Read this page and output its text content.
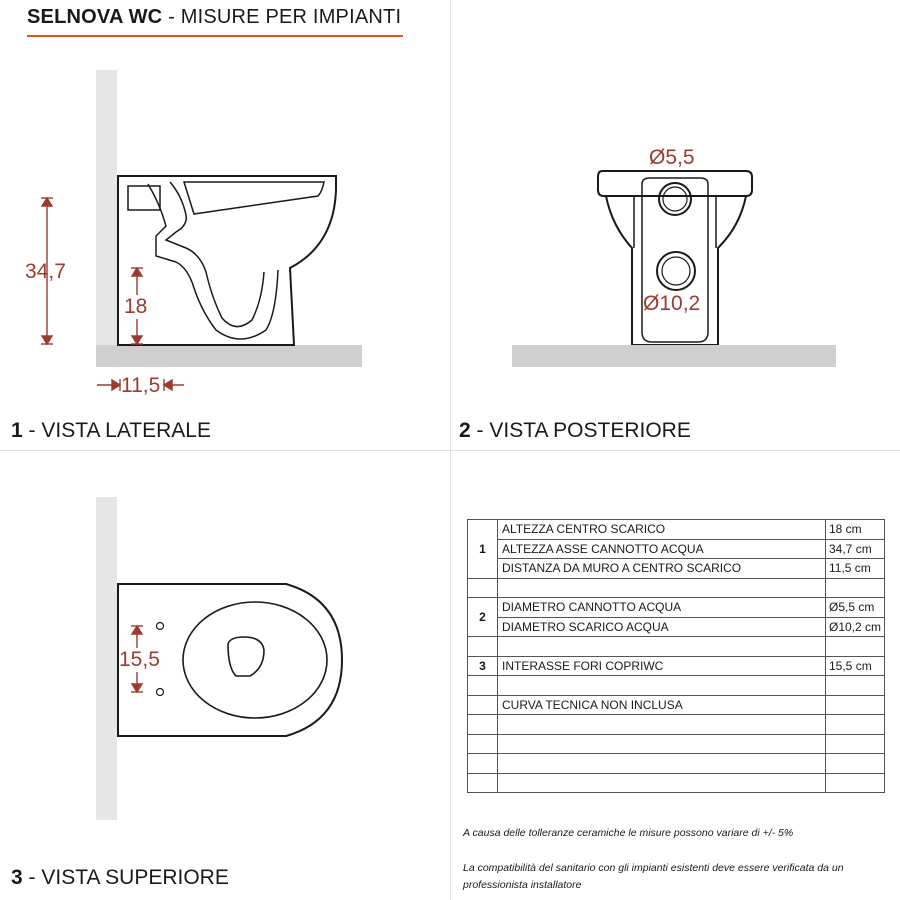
SELNOVA WC - MISURE PER IMPIANTI
34,7
18
11,5
1 - VISTA LATERALE
Ø5,5
Ø10,2
2 - VISTA POSTERIORE
15,5
3 - VISTA SUPERIORE
1	ALTEZZA CENTRO SCARICO	18 cm
	ALTEZZA ASSE CANNOTTO ACQUA	34,7 cm
	DISTANZA DA MURO A CENTRO SCARICO	11,5 cm

2	DIAMETRO CANNOTTO ACQUA	Ø5,5 cm
	DIAMETRO SCARICO ACQUA	Ø10,2 cm

3	INTERASSE FORI COPRIWC	15,5 cm

	CURVA TECNICA NON INCLUSA	

A causa delle tolleranze ceramiche le misure possono variare di +/- 5%
La compatibilità del sanitario con gli impianti esistenti deve essere verificata da un professionista installatore
